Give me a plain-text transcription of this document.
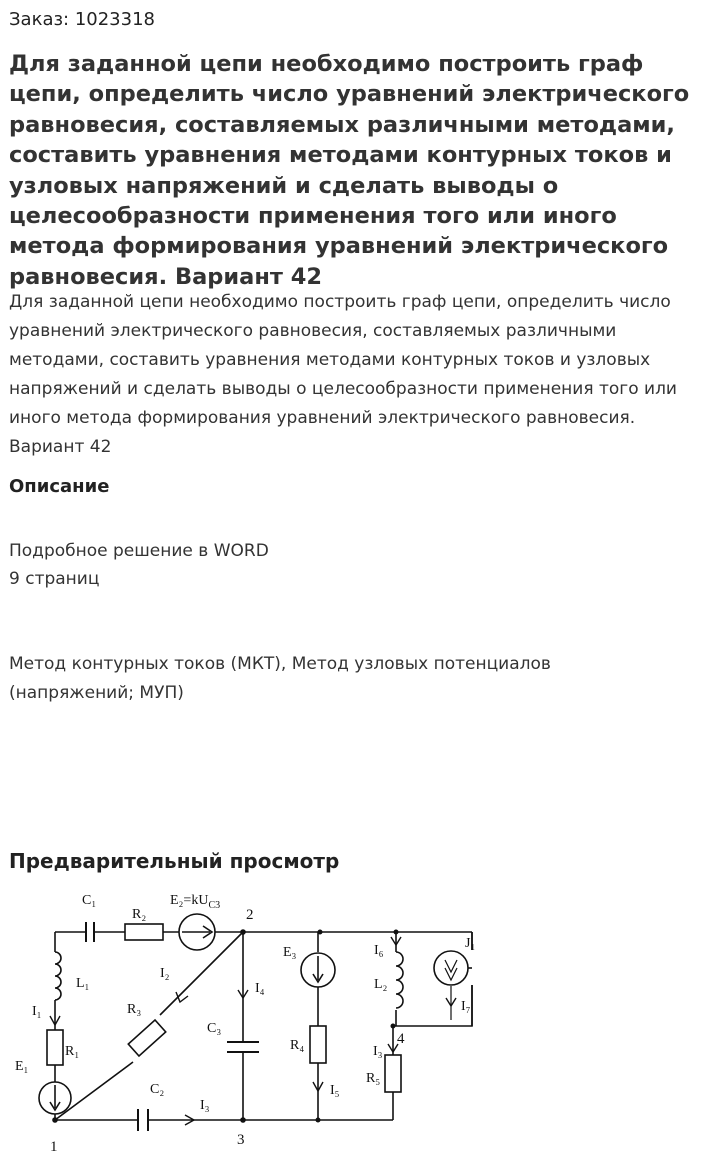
Заказ: 1023318
Для заданной цепи необходимо построить граф цепи, определить число уравнений электрического равновесия, составляемых различными методами, составить уравнения методами контурных токов и узловых напряжений и сделать выводы о целесообразности применения того или иного метода формирования уравнений электрического равновесия. Вариант 42

Для заданной цепи необходимо построить граф цепи, определить число уравнений электрического равновесия, составляемых различными методами, составить уравнения методами контурных токов и узловых напряжений и сделать выводы о целесообразности применения того или иного метода формирования уравнений электрического равновесия. Вариант 42

Описание

Подробное решение в WORD

9 страниц

Метод контурных токов (МКТ), Метод узловых потенциалов

(напряжений; МУП)

Предварительный просмотр
C₁
R₂
$E_2=kU_{C3}$
2
L₁
I₁
R₁
E₁
I₂
R₃
I₄
C₃
E₃
R₄
I₅
I₆
L₂
4
I₃
R₅
J₁
I₇
C₂
I₃
1	3
